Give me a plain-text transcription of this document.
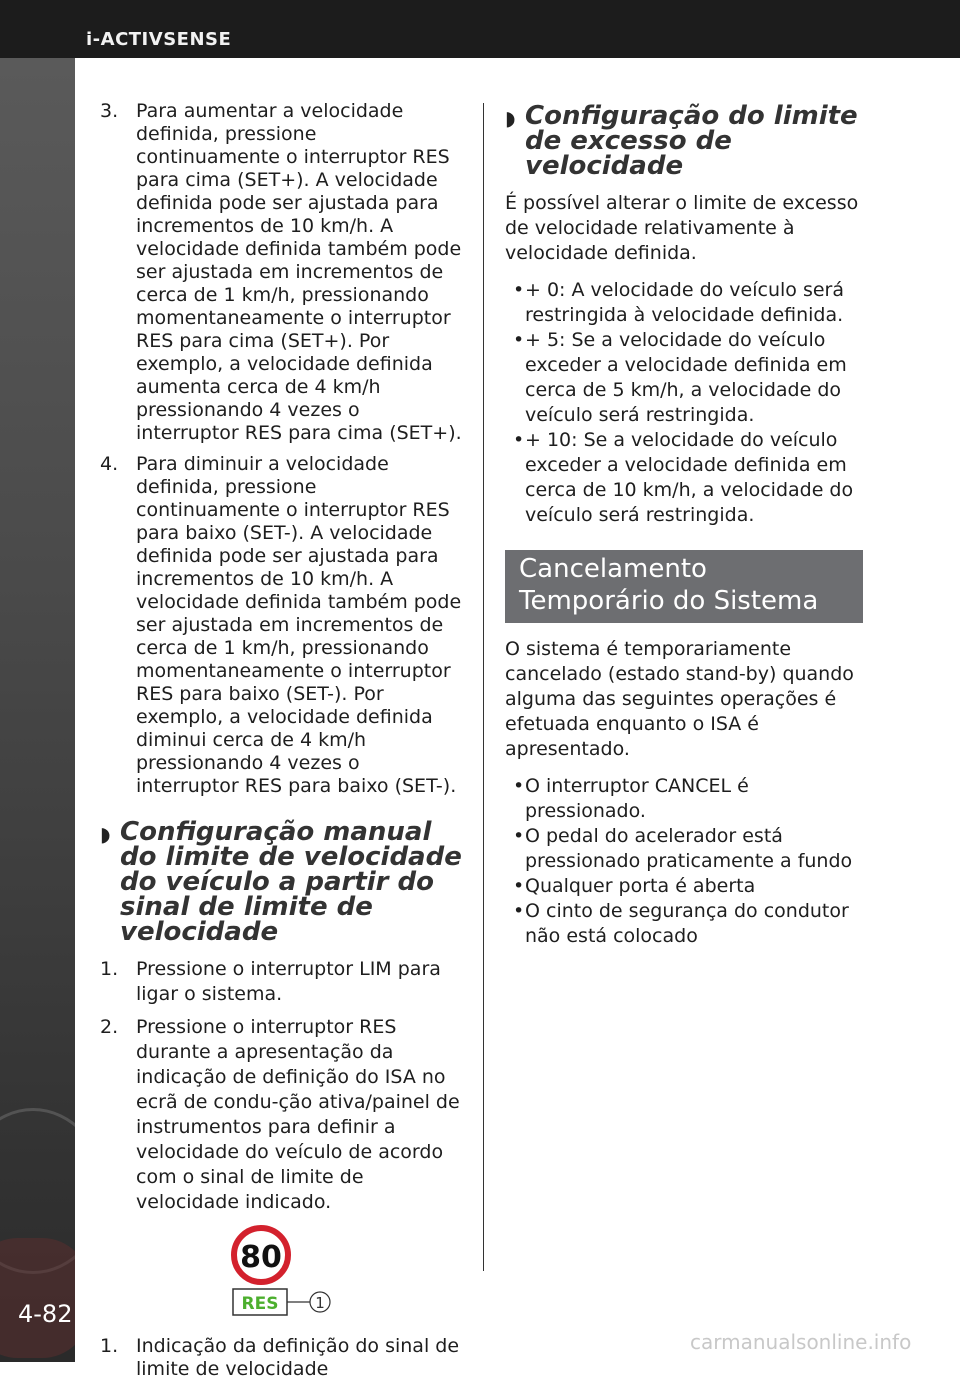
i-ACTIVSENSE
4-82
3. Para aumentar a velocidade definida, pressione continuamente o interruptor RES para cima (SET+). A velocidade definida pode ser ajustada para incrementos de 10 km/h. A velocidade definida também pode ser ajustada em incrementos de cerca de 1 km/h, pressionando momentaneamente o interruptor RES para cima (SET+). Por exemplo, a velocidade definida aumenta cerca de 4 km/h pressionando 4 vezes o interruptor RES para cima (SET+).
4. Para diminuir a velocidade definida, pressione continuamente o interruptor RES para baixo (SET-). A velocidade definida pode ser ajustada para incrementos de 10 km/h. A velocidade definida também pode ser ajustada em incrementos de cerca de 1 km/h, pressionando momentaneamente o interruptor RES para baixo (SET-). Por exemplo, a velocidade definida diminui cerca de 4 km/h pressionando 4 vezes o interruptor RES para baixo (SET-).
◗ Configuração manual do limite de velocidade do veículo a partir do sinal de limite de velocidade
1. Pressione o interruptor LIM para ligar o sistema.
2. Pressione o interruptor RES durante a apresentação da indicação de definição do ISA no ecrã de condu-ção ativa/painel de instrumentos para definir a velocidade do veículo de acordo com o sinal de limite de velocidade indicado.
80
RES 1
1. Indicação da definição do sinal de limite de velocidade
◗ Configuração do limite de excesso de velocidade

É possível alterar o limite de excesso de velocidade relativamente à velocidade definida.

• + 0: A velocidade do veículo será restringida à velocidade definida.
• + 5: Se a velocidade do veículo exceder a velocidade definida em cerca de 5 km/h, a velocidade do veículo será restringida.
• + 10: Se a velocidade do veículo exceder a velocidade definida em cerca de 10 km/h, a velocidade do veículo será restringida.
Cancelamento Temporário do Sistema

O sistema é temporariamente cancelado (estado stand-by) quando alguma das seguintes operações é efetuada enquanto o ISA é apresentado.

• O interruptor CANCEL é pressionado.
• O pedal do acelerador está pressionado praticamente a fundo
• Qualquer porta é aberta
• O cinto de segurança do condutor não está colocado
carmanualsonline.info
